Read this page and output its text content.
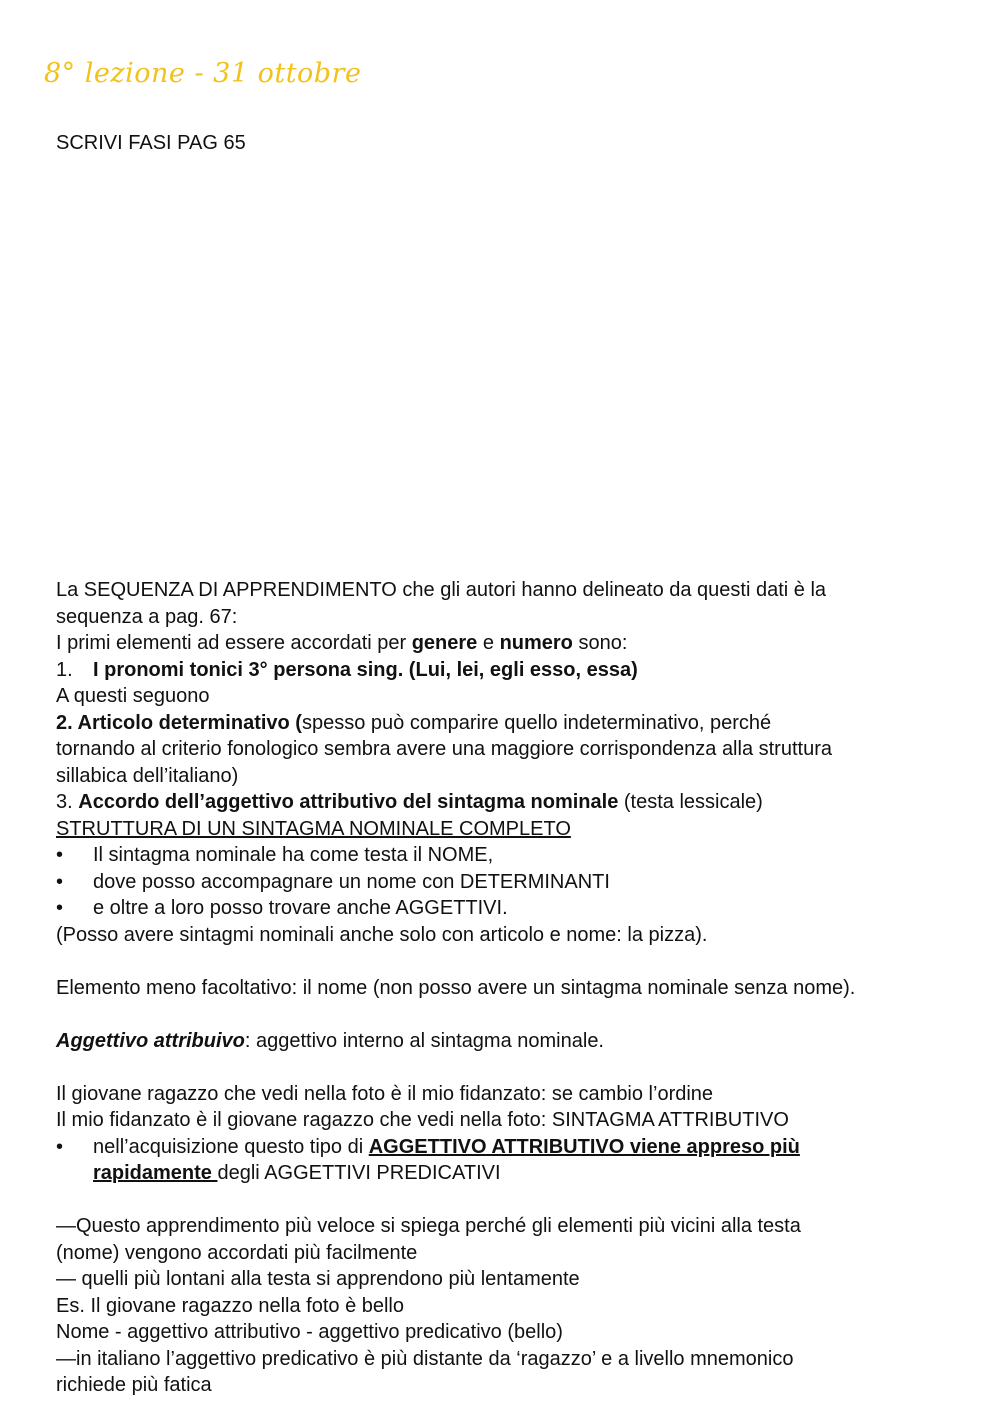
8° lezione - 31 ottobre
SCRIVI FASI PAG 65
La SEQUENZA DI APPRENDIMENTO che gli autori hanno delineato da questi dati è la
sequenza a pag. 67:
I primi elementi ad essere accordati per genere e numero sono:
1. I pronomi tonici 3° persona sing. (Lui, lei, egli esso, essa)
A questi seguono
2. Articolo determinativo (spesso può comparire quello indeterminativo, perché
tornando al criterio fonologico sembra avere una maggiore corrispondenza alla struttura
sillabica dell’italiano)
3. Accordo dell’aggettivo attributivo del sintagma nominale (testa lessicale)
STRUTTURA DI UN SINTAGMA NOMINALE COMPLETO
• Il sintagma nominale ha come testa il NOME,
• dove posso accompagnare un nome con DETERMINANTI
• e oltre a loro posso trovare anche AGGETTIVI.
(Posso avere sintagmi nominali anche solo con articolo e nome: la pizza).
Elemento meno facoltativo: il nome (non posso avere un sintagma nominale senza nome).
Aggettivo attribuivo: aggettivo interno al sintagma nominale.
Il giovane ragazzo che vedi nella foto è il mio fidanzato: se cambio l’ordine
Il mio fidanzato è il giovane ragazzo che vedi nella foto: SINTAGMA ATTRIBUTIVO
• nell’acquisizione questo tipo di AGGETTIVO ATTRIBUTIVO viene appreso più
rapidamente degli AGGETTIVI PREDICATIVI
—Questo apprendimento più veloce si spiega perché gli elementi più vicini alla testa
(nome) vengono accordati più facilmente
— quelli più lontani alla testa si apprendono più lentamente
Es. Il giovane ragazzo nella foto è bello
Nome - aggettivo attributivo - aggettivo predicativo (bello)
—in italiano l’aggettivo predicativo è più distante da ‘ragazzo’ e a livello mnemonico
richiede più fatica
